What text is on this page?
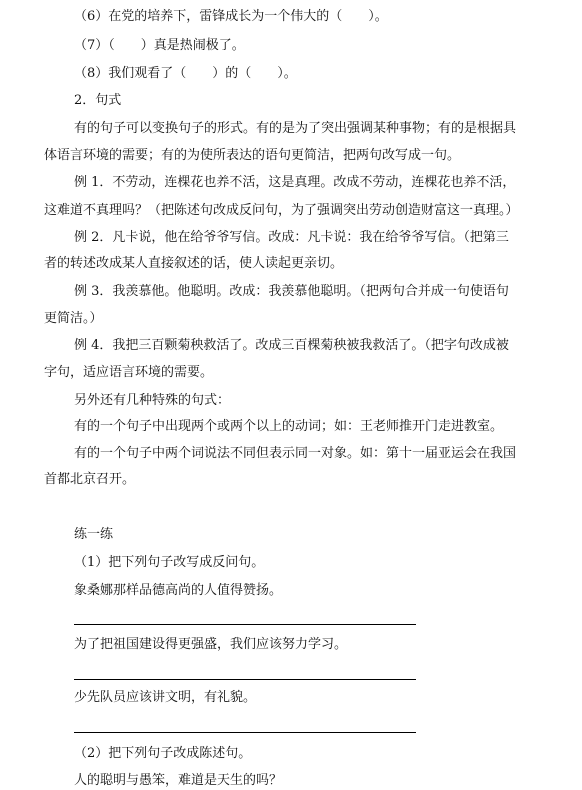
（6）在党的培养下，雷锋成长为一个伟大的（　　）。
（7）（　　）真是热闹极了。
（8）我们观看了（　　）的（　　）。
2．句式
有的句子可以变换句子的形式。有的是为了突出强调某种事物；有的是根据具
体语言环境的需要；有的为使所表达的语句更简洁，把两句改写成一句。
例 1．不劳动，连棵花也养不活，这是真理。改成不劳动，连棵花也养不活，
这难道不真理吗？（把陈述句改成反问句，为了强调突出劳动创造财富这一真理。）
例 2．凡卡说，他在给爷爷写信。改成：凡卡说：我在给爷爷写信。（把第三
者的转述改成某人直接叙述的话，使人读起更亲切。
例 3．我羡慕他。他聪明。改成：我羡慕他聪明。（把两句合并成一句使语句
更简洁。）
例 4．我把三百颗菊秧救活了。改成三百棵菊秧被我救活了。（把字句改成被
字句，适应语言环境的需要。
另外还有几种特殊的句式：
有的一个句子中出现两个或两个以上的动词；如：王老师推开门走进教室。
有的一个句子中两个词说法不同但表示同一对象。如：第十一届亚运会在我国
首都北京召开。
练一练
（1）把下列句子改写成反问句。
象桑娜那样品德高尚的人值得赞扬。
为了把祖国建设得更强盛，我们应该努力学习。
少先队员应该讲文明，有礼貌。
（2）把下列句子改成陈述句。
人的聪明与愚笨，难道是天生的吗？
